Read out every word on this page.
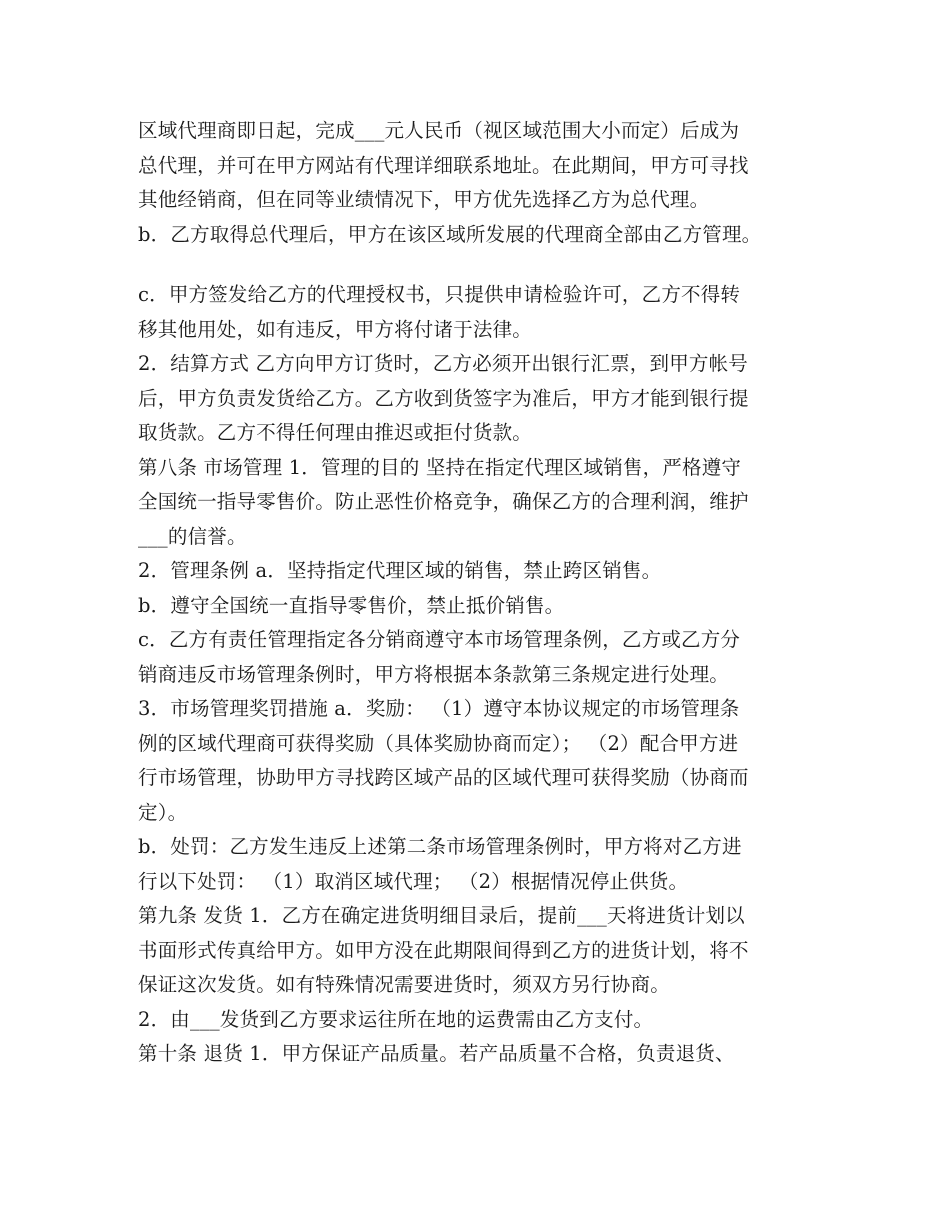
区域代理商即日起，完成___元人民币（视区域范围大小而定）后成为
总代理，并可在甲方网站有代理详细联系地址。在此期间，甲方可寻找
其他经销商，但在同等业绩情况下，甲方优先选择乙方为总代理。
b．乙方取得总代理后，甲方在该区域所发展的代理商全部由乙方管理。
c．甲方签发给乙方的代理授权书，只提供申请检验许可，乙方不得转
移其他用处，如有违反，甲方将付诸于法律。
2．结算方式 乙方向甲方订货时，乙方必须开出银行汇票，到甲方帐号
后，甲方负责发货给乙方。乙方收到货签字为准后，甲方才能到银行提
取货款。乙方不得任何理由推迟或拒付货款。
第八条 市场管理 1．管理的目的 坚持在指定代理区域销售，严格遵守
全国统一指导零售价。防止恶性价格竞争，确保乙方的合理利润，维护
___的信誉。
2．管理条例 a．坚持指定代理区域的销售，禁止跨区销售。
b．遵守全国统一直指导零售价，禁止抵价销售。
c．乙方有责任管理指定各分销商遵守本市场管理条例，乙方或乙方分
销商违反市场管理条例时，甲方将根据本条款第三条规定进行处理。
3．市场管理奖罚措施 a．奖励： （1）遵守本协议规定的市场管理条
例的区域代理商可获得奖励（具体奖励协商而定）； （2）配合甲方进
行市场管理，协助甲方寻找跨区域产品的区域代理可获得奖励（协商而
定）。
b．处罚：乙方发生违反上述第二条市场管理条例时，甲方将对乙方进
行以下处罚： （1）取消区域代理； （2）根据情况停止供货。
第九条 发货 1．乙方在确定进货明细目录后，提前___天将进货计划以
书面形式传真给甲方。如甲方没在此期限间得到乙方的进货计划，将不
保证这次发货。如有特殊情况需要进货时，须双方另行协商。
2．由___发货到乙方要求运往所在地的运费需由乙方支付。
第十条 退货 1．甲方保证产品质量。若产品质量不合格，负责退货、
